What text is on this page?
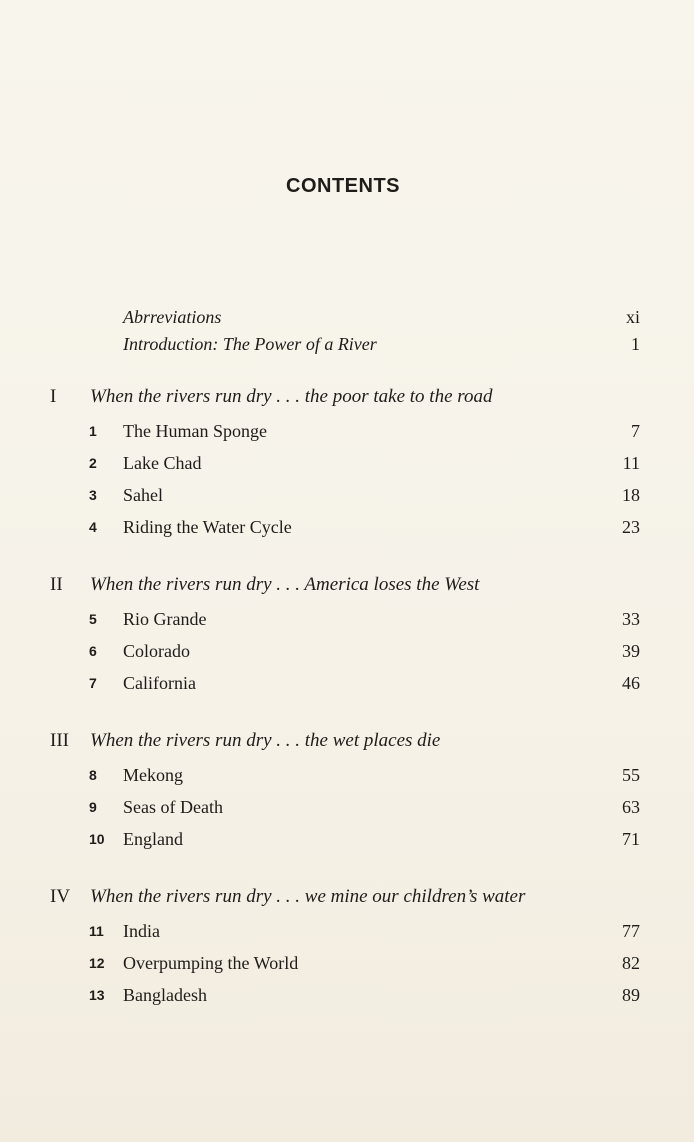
CONTENTS
Abrreviations	xi
Introduction: The Power of a River	1
I When the rivers run dry . . . the poor take to the road
1	The Human Sponge	7
2	Lake Chad	11
3	Sahel	18
4	Riding the Water Cycle	23
II When the rivers run dry . . . America loses the West
5	Rio Grande	33
6	Colorado	39
7	California	46
III When the rivers run dry . . . the wet places die
8	Mekong	55
9	Seas of Death	63
10	England	71
IV When the rivers run dry . . . we mine our children’s water
11	India	77
12	Overpumping the World	82
13	Bangladesh	89
